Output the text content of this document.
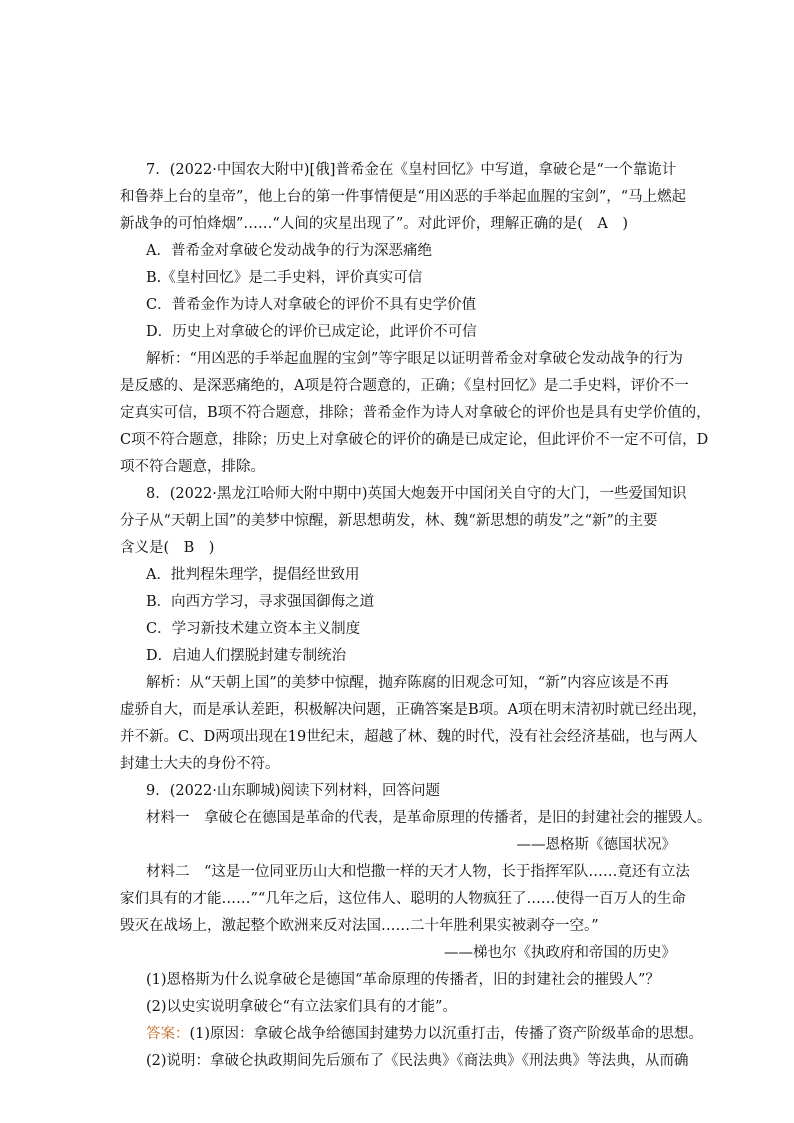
7．(2022·中国农大附中)[俄]普希金在《皇村回忆》中写道，拿破仑是“一个靠诡计
和鲁莽上台的皇帝”，他上台的第一件事情便是“用凶恶的手举起血腥的宝剑”，“马上燃起
新战争的可怕烽烟”……“人间的灾星出现了”。对此评价，理解正确的是(　A　)
A．普希金对拿破仑发动战争的行为深恶痛绝
B.《皇村回忆》是二手史料，评价真实可信
C．普希金作为诗人对拿破仑的评价不具有史学价值
D．历史上对拿破仑的评价已成定论，此评价不可信
解析：“用凶恶的手举起血腥的宝剑”等字眼足以证明普希金对拿破仑发动战争的行为
是反感的、是深恶痛绝的，A项是符合题意的，正确；《皇村回忆》是二手史料，评价不一
定真实可信，B项不符合题意，排除；普希金作为诗人对拿破仑的评价也是具有史学价值的，
C项不符合题意，排除；历史上对拿破仑的评价的确是已成定论，但此评价不一定不可信，D
项不符合题意，排除。
8．(2022·黑龙江哈师大附中期中)英国大炮轰开中国闭关自守的大门，一些爱国知识
分子从“天朝上国”的美梦中惊醒，新思想萌发，林、魏“新思想的萌发”之“新”的主要
含义是(　B　)
A．批判程朱理学，提倡经世致用
B．向西方学习，寻求强国御侮之道
C．学习新技术建立资本主义制度
D．启迪人们摆脱封建专制统治
解析：从“天朝上国”的美梦中惊醒，抛弃陈腐的旧观念可知，“新”内容应该是不再
虚骄自大，而是承认差距，积极解决问题，正确答案是B项。A项在明末清初时就已经出现，
并不新。C、D两项出现在19世纪末，超越了林、魏的时代，没有社会经济基础，也与两人
封建士大夫的身份不符。
9．(2022·山东聊城)阅读下列材料，回答问题
材料一　拿破仑在德国是革命的代表，是革命原理的传播者，是旧的封建社会的摧毁人。
——恩格斯《德国状况》
材料二　“这是一位同亚历山大和恺撒一样的天才人物，长于指挥军队……竟还有立法
家们具有的才能……”“几年之后，这位伟人、聪明的人物疯狂了……使得一百万人的生命
毁灭在战场上，激起整个欧洲来反对法国……二十年胜利果实被剥夺一空。”
——梯也尔《执政府和帝国的历史》
(1)恩格斯为什么说拿破仑是德国“革命原理的传播者，旧的封建社会的摧毁人”？
(2)以史实说明拿破仑“有立法家们具有的才能”。
答案：(1)原因：拿破仑战争给德国封建势力以沉重打击，传播了资产阶级革命的思想。
(2)说明：拿破仑执政期间先后颁布了《民法典》《商法典》《刑法典》等法典，从而确
